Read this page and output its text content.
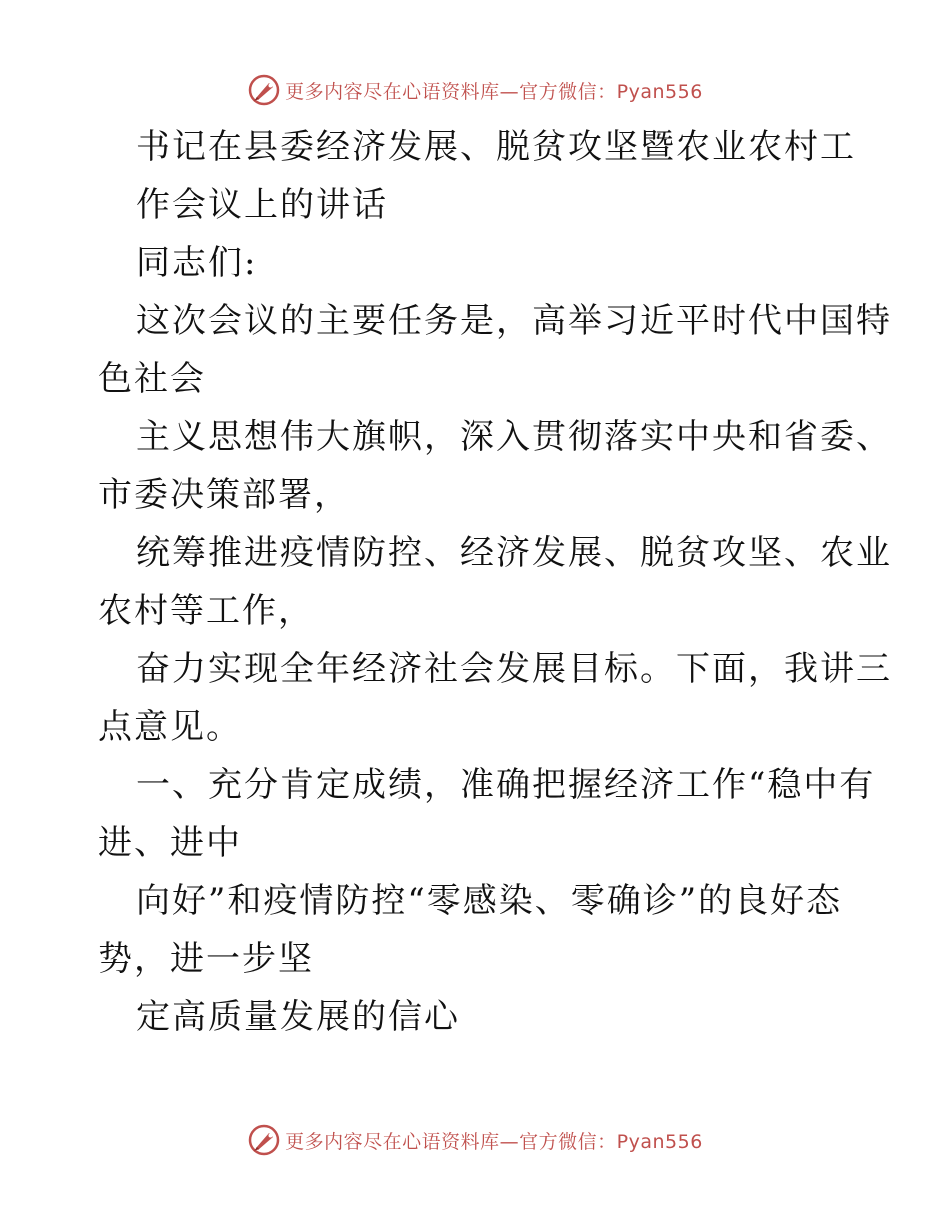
更多内容尽在心语资料库—官方微信：Pyan556
书记在县委经济发展、脱贫攻坚暨农业农村工
作会议上的讲话
同志们:
这次会议的主要任务是，高举习近平时代中国特
色社会
主义思想伟大旗帜，深入贯彻落实中央和省委、
市委决策部署，
统筹推进疫情防控、经济发展、脱贫攻坚、农业
农村等工作，
奋力实现全年经济社会发展目标。下面，我讲三
点意见。
一、充分肯定成绩，准确把握经济工作“稳中有
进、进中
向好”和疫情防控“零感染、零确诊”的良好态
势，进一步坚
定高质量发展的信心
更多内容尽在心语资料库—官方微信：Pyan556
